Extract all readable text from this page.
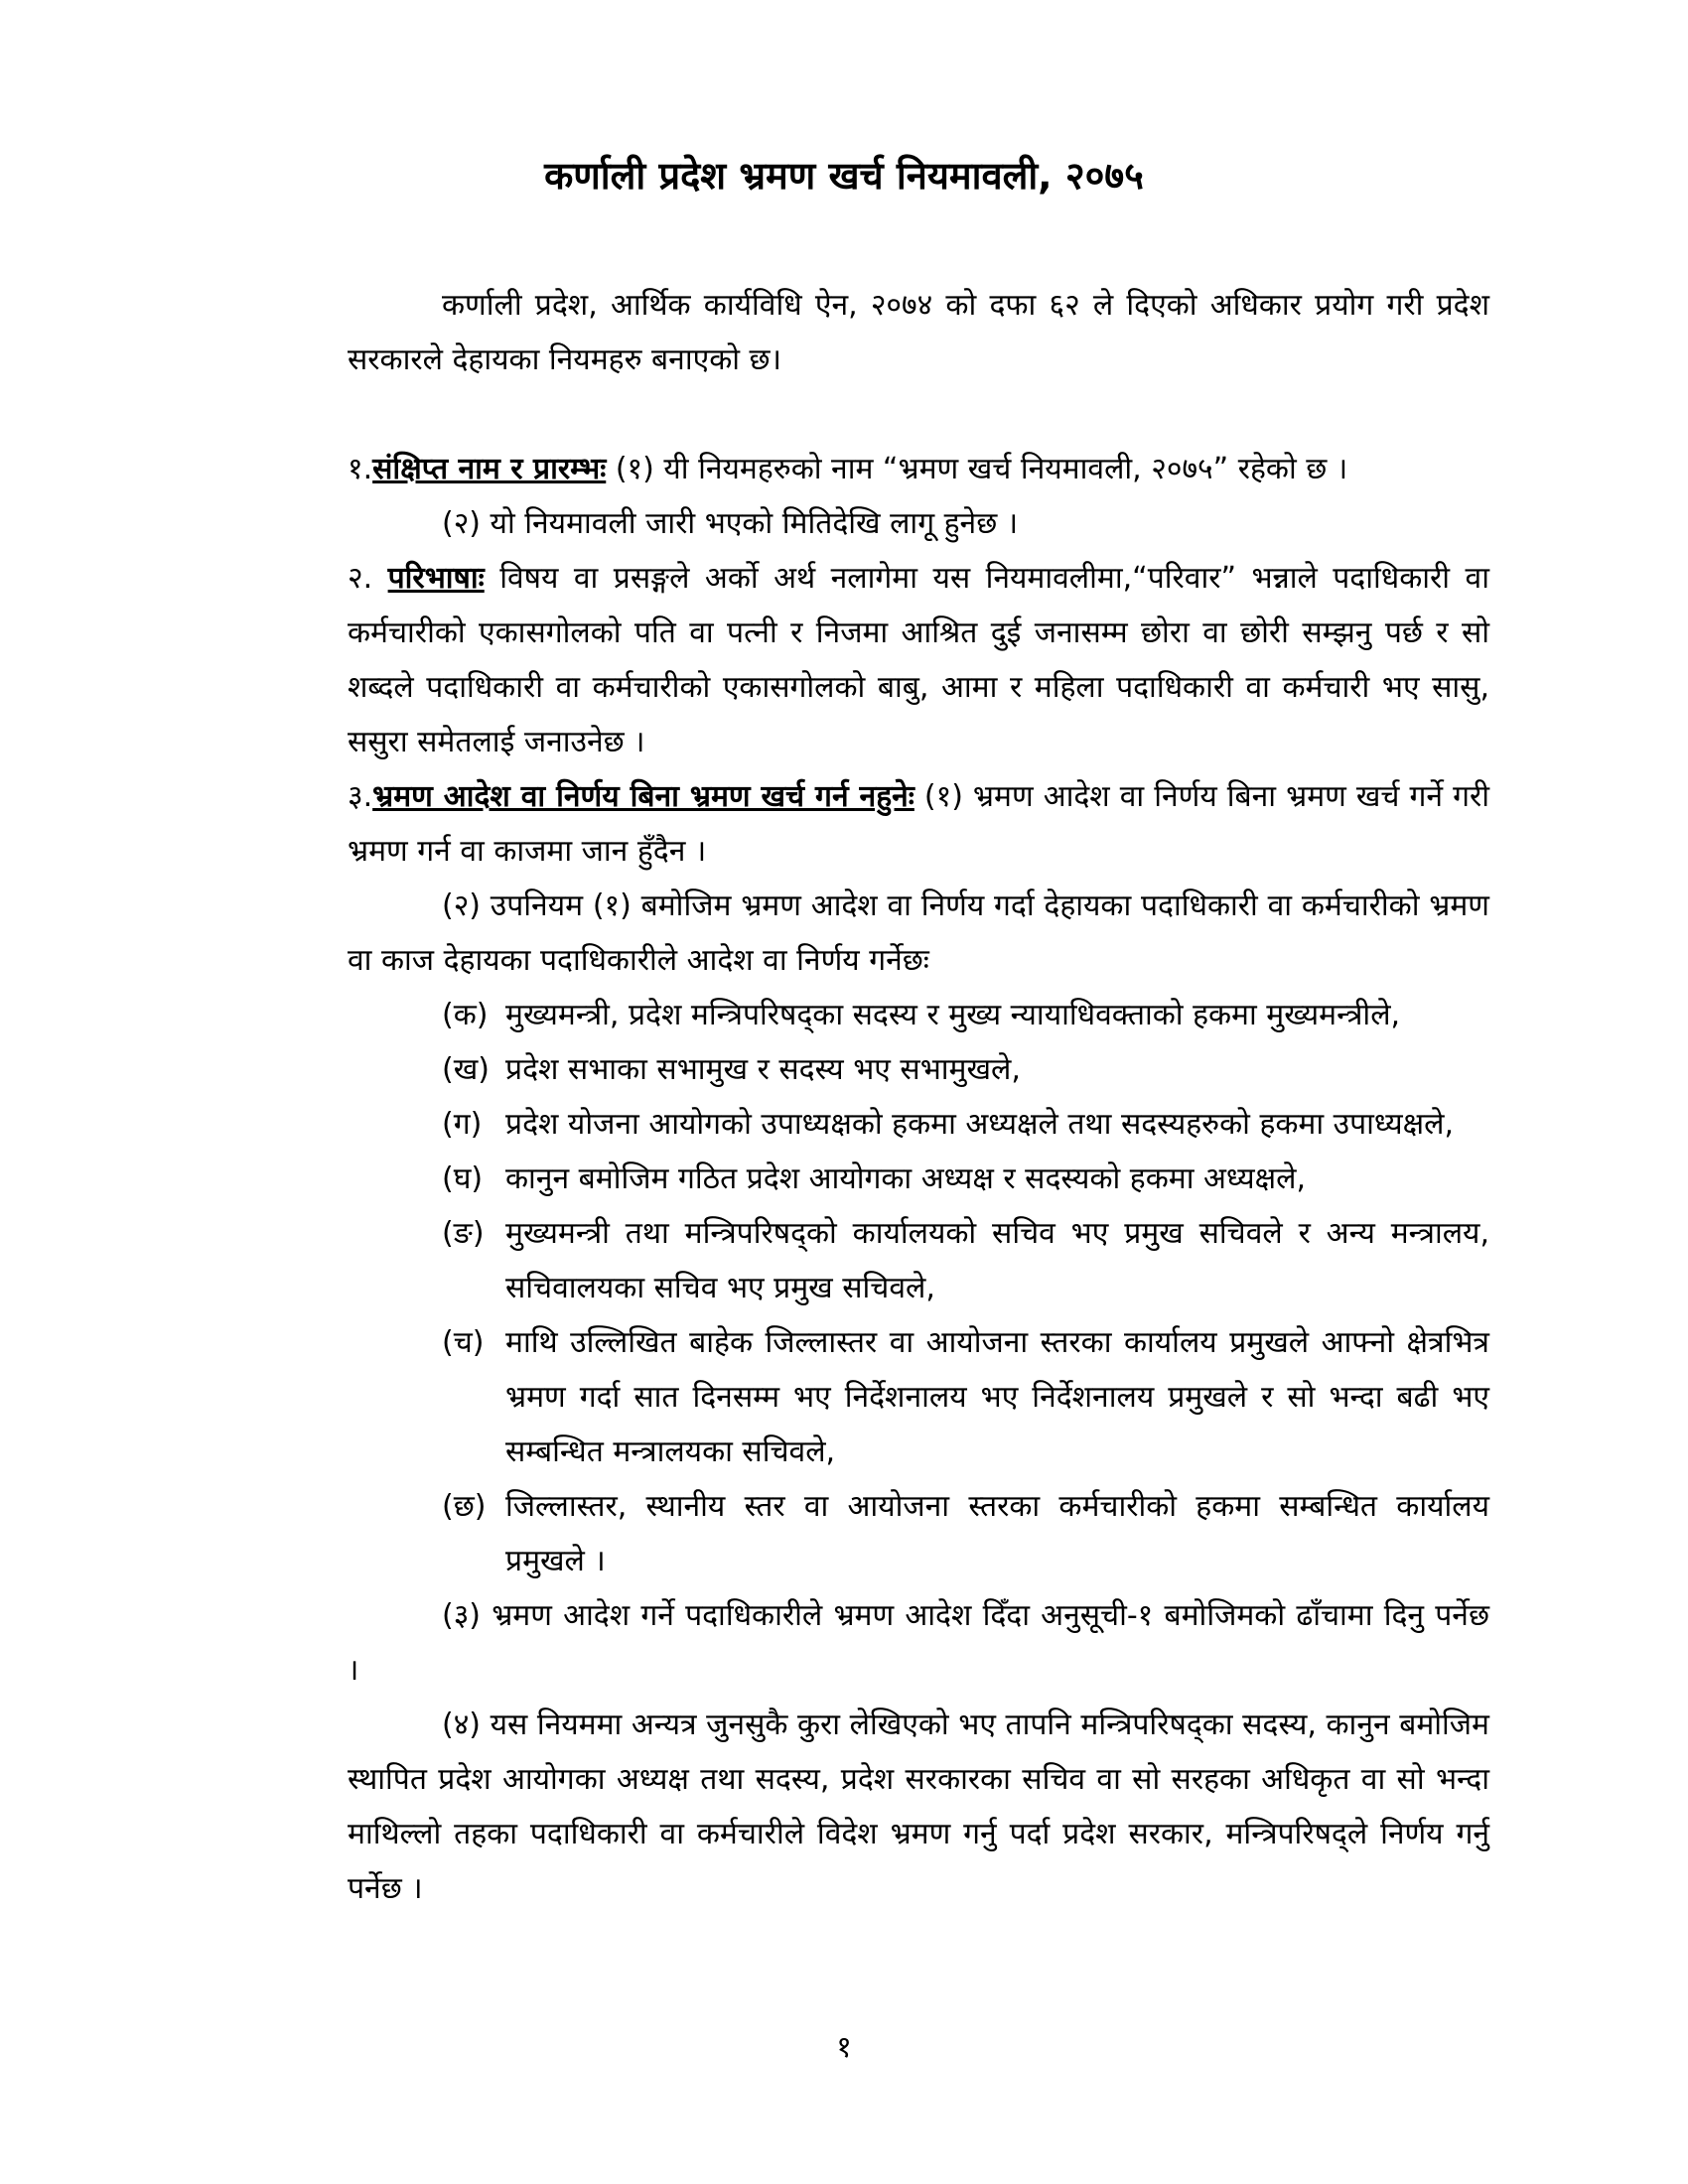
कर्णाली प्रदेश भ्रमण खर्च नियमावली, २०७५

कर्णाली प्रदेश, आर्थिक कार्यविधि ऐन, २०७४ को दफा ६२ ले दिएको अधिकार प्रयोग गरी प्रदेश सरकारले देहायका नियमहरु बनाएको छ।

१.संक्षिप्त नाम र प्रारम्भः (१) यी नियमहरुको नाम “भ्रमण खर्च नियमावली, २०७५” रहेको छ ।

(२) यो नियमावली जारी भएको मितिदेखि लागू हुनेछ ।

२. परिभाषाः विषय वा प्रसङ्गले अर्को अर्थ नलागेमा यस नियमावलीमा,“परिवार” भन्नाले पदाधिकारी वा कर्मचारीको एकासगोलको पति वा पत्नी र निजमा आश्रित दुई जनासम्म छोरा वा छोरी सम्झनु पर्छ र सो शब्दले पदाधिकारी वा कर्मचारीको एकासगोलको बाबु, आमा र महिला पदाधिकारी वा कर्मचारी भए सासु, ससुरा समेतलाई जनाउनेछ ।

३.भ्रमण आदेश वा निर्णय बिना भ्रमण खर्च गर्न नहुनेः (१) भ्रमण आदेश वा निर्णय बिना भ्रमण खर्च गर्ने गरी भ्रमण गर्न वा काजमा जान हुँदैन ।

(२) उपनियम (१) बमोजिम भ्रमण आदेश वा निर्णय गर्दा देहायका पदाधिकारी वा कर्मचारीको भ्रमण वा काज देहायका पदाधिकारीले आदेश वा निर्णय गर्नेछः

(क) मुख्यमन्त्री, प्रदेश मन्त्रिपरिषद्का सदस्य र मुख्य न्यायाधिवक्ताको हकमा मुख्यमन्त्रीले,

(ख) प्रदेश सभाका सभामुख र सदस्य भए सभामुखले,

(ग) प्रदेश योजना आयोगको उपाध्यक्षको हकमा अध्यक्षले तथा सदस्यहरुको हकमा उपाध्यक्षले,

(घ) कानुन बमोजिम गठित प्रदेश आयोगका अध्यक्ष र सदस्यको हकमा अध्यक्षले,

(ङ) मुख्यमन्त्री तथा मन्त्रिपरिषद्को कार्यालयको सचिव भए प्रमुख सचिवले र अन्य मन्त्रालय, सचिवालयका सचिव भए प्रमुख सचिवले,

(च) माथि उल्लिखित बाहेक जिल्लास्तर वा आयोजना स्तरका कार्यालय प्रमुखले आफ्नो क्षेत्रभित्र भ्रमण गर्दा सात दिनसम्म भए निर्देशनालय भए निर्देशनालय प्रमुखले र सो भन्दा बढी भए सम्बन्धित मन्त्रालयका सचिवले,

(छ) जिल्लास्तर, स्थानीय स्तर वा आयोजना स्तरका कर्मचारीको हकमा सम्बन्धित कार्यालय प्रमुखले ।

(३) भ्रमण आदेश गर्ने पदाधिकारीले भ्रमण आदेश दिँदा अनुसूची-१ बमोजिमको ढाँचामा दिनु पर्नेछ ।

(४) यस नियममा अन्यत्र जुनसुकै कुरा लेखिएको भए तापनि मन्त्रिपरिषद्का सदस्य, कानुन बमोजिम स्थापित प्रदेश आयोगका अध्यक्ष तथा सदस्य, प्रदेश सरकारका सचिव वा सो सरहका अधिकृत वा सो भन्दा माथिल्लो तहका पदाधिकारी वा कर्मचारीले विदेश भ्रमण गर्नु पर्दा प्रदेश सरकार, मन्त्रिपरिषद्ले निर्णय गर्नु पर्नेछ ।

१
